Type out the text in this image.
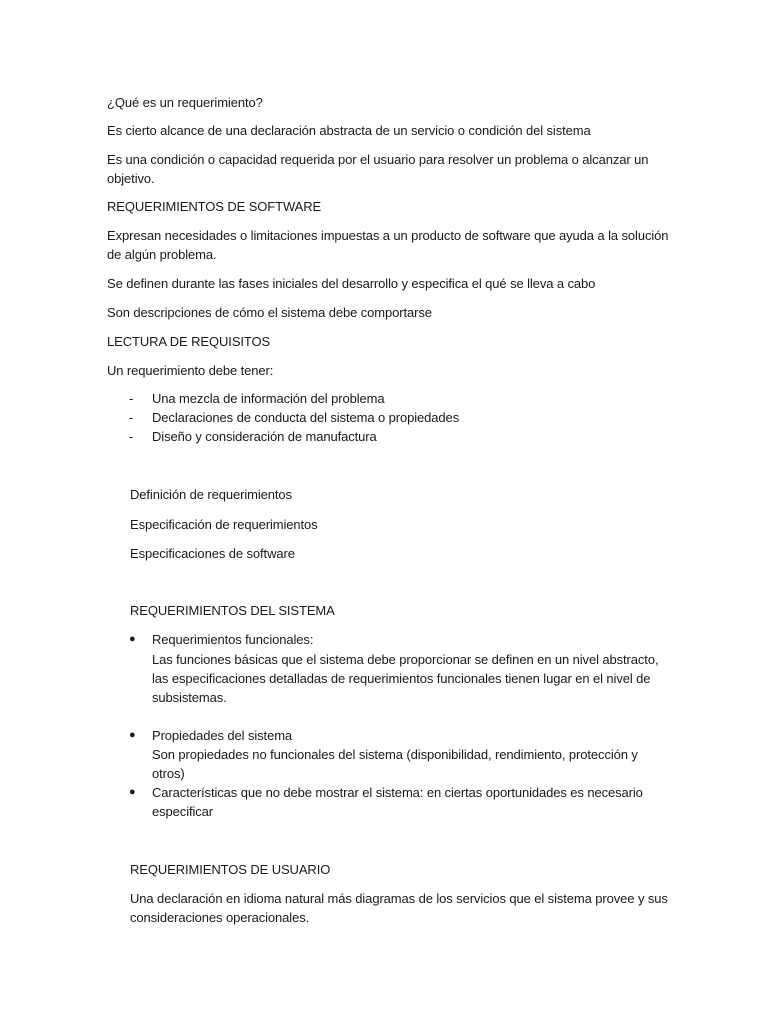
¿Qué es un requerimiento?
Es cierto alcance de una declaración abstracta de un servicio o condición del sistema
Es una condición o capacidad requerida por el usuario para resolver un problema o alcanzar un
objetivo.
REQUERIMIENTOS DE SOFTWARE
Expresan necesidades o limitaciones impuestas a un producto de software que ayuda a la solución
de algún problema.
Se definen durante las fases iniciales del desarrollo y especifica el qué se lleva a cabo
Son descripciones de cómo el sistema debe comportarse
LECTURA DE REQUISITOS
Un requerimiento debe tener:
- Una mezcla de información del problema
- Declaraciones de conducta del sistema o propiedades
- Diseño y consideración de manufactura
Definición de requerimientos
Especificación de requerimientos
Especificaciones de software
REQUERIMIENTOS DEL SISTEMA
● Requerimientos funcionales:
Las funciones básicas que el sistema debe proporcionar se definen en un nivel abstracto,
las especificaciones detalladas de requerimientos funcionales tienen lugar en el nivel de
subsistemas.
● Propiedades del sistema
Son propiedades no funcionales del sistema (disponibilidad, rendimiento, protección y
otros)
● Características que no debe mostrar el sistema: en ciertas oportunidades es necesario
especificar
REQUERIMIENTOS DE USUARIO
Una declaración en idioma natural más diagramas de los servicios que el sistema provee y sus
consideraciones operacionales.
